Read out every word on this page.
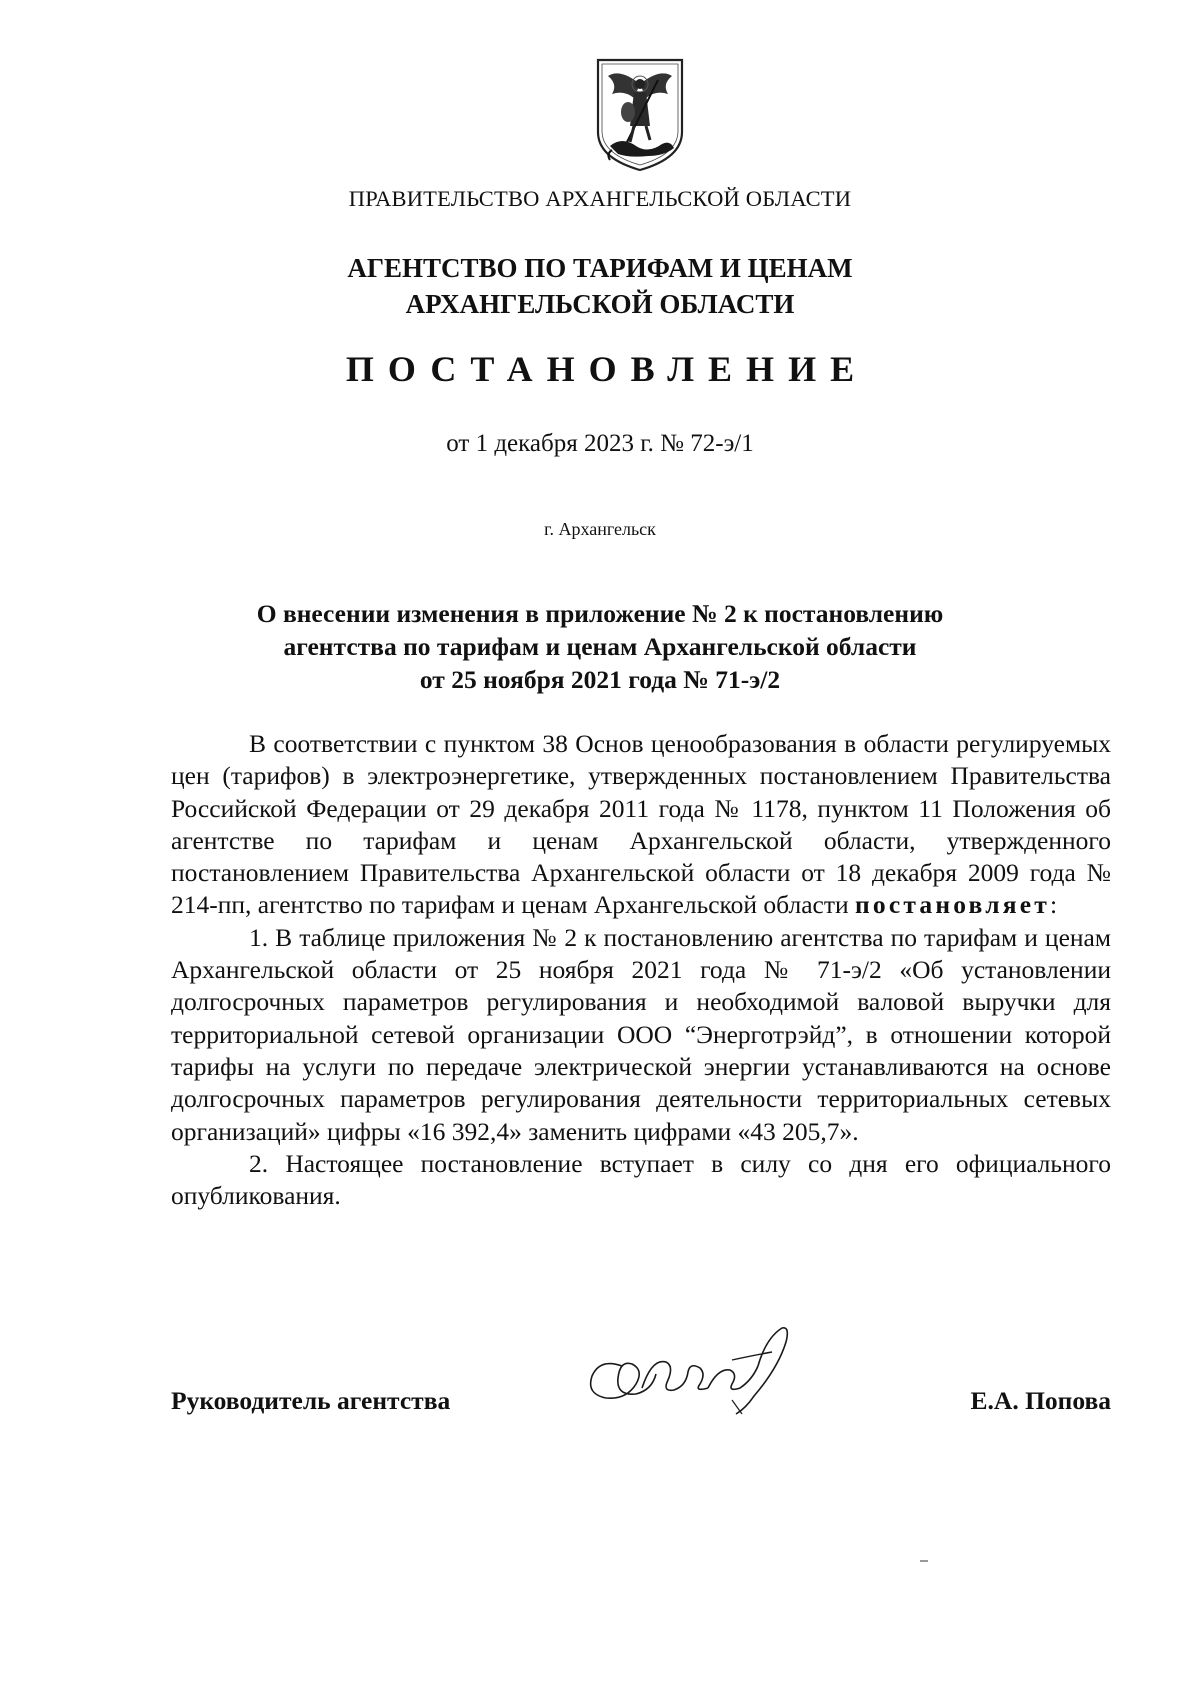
ПРАВИТЕЛЬСТВО АРХАНГЕЛЬСКОЙ ОБЛАСТИ
АГЕНТСТВО ПО ТАРИФАМ И ЦЕНАМ
АРХАНГЕЛЬСКОЙ ОБЛАСТИ
ПОСТАНОВЛЕНИЕ
от 1 декабря 2023 г. № 72-э/1
г. Архангельск
О внесении изменения в приложение № 2 к постановлению
агентства по тарифам и ценам Архангельской области
от 25 ноября 2021 года № 71-э/2

В соответствии с пунктом 38 Основ ценообразования в области регулируемых цен (тарифов) в электроэнергетике, утвержденных постановлением Правительства Российской Федерации от 29 декабря 2011 года № 1178, пунктом 11 Положения об агентстве по тарифам и ценам Архангельской области, утвержденного постановлением Правительства Архангельской области от 18 декабря 2009 года № 214-пп, агентство по тарифам и ценам Архангельской области постановляет:

1. В таблице приложения № 2 к постановлению агентства по тарифам и ценам Архангельской области от 25 ноября 2021 года № 71-э/2 «Об установлении долгосрочных параметров регулирования и необходимой валовой выручки для территориальной сетевой организации ООО “Энерготрэйд”, в отношении которой тарифы на услуги по передаче электрической энергии устанавливаются на основе долгосрочных параметров регулирования деятельности территориальных сетевых организаций» цифры «16 392,4» заменить цифрами «43 205,7».

2. Настоящее постановление вступает в силу со дня его официального опубликования.

Руководитель агентства	Е.А. Попова
